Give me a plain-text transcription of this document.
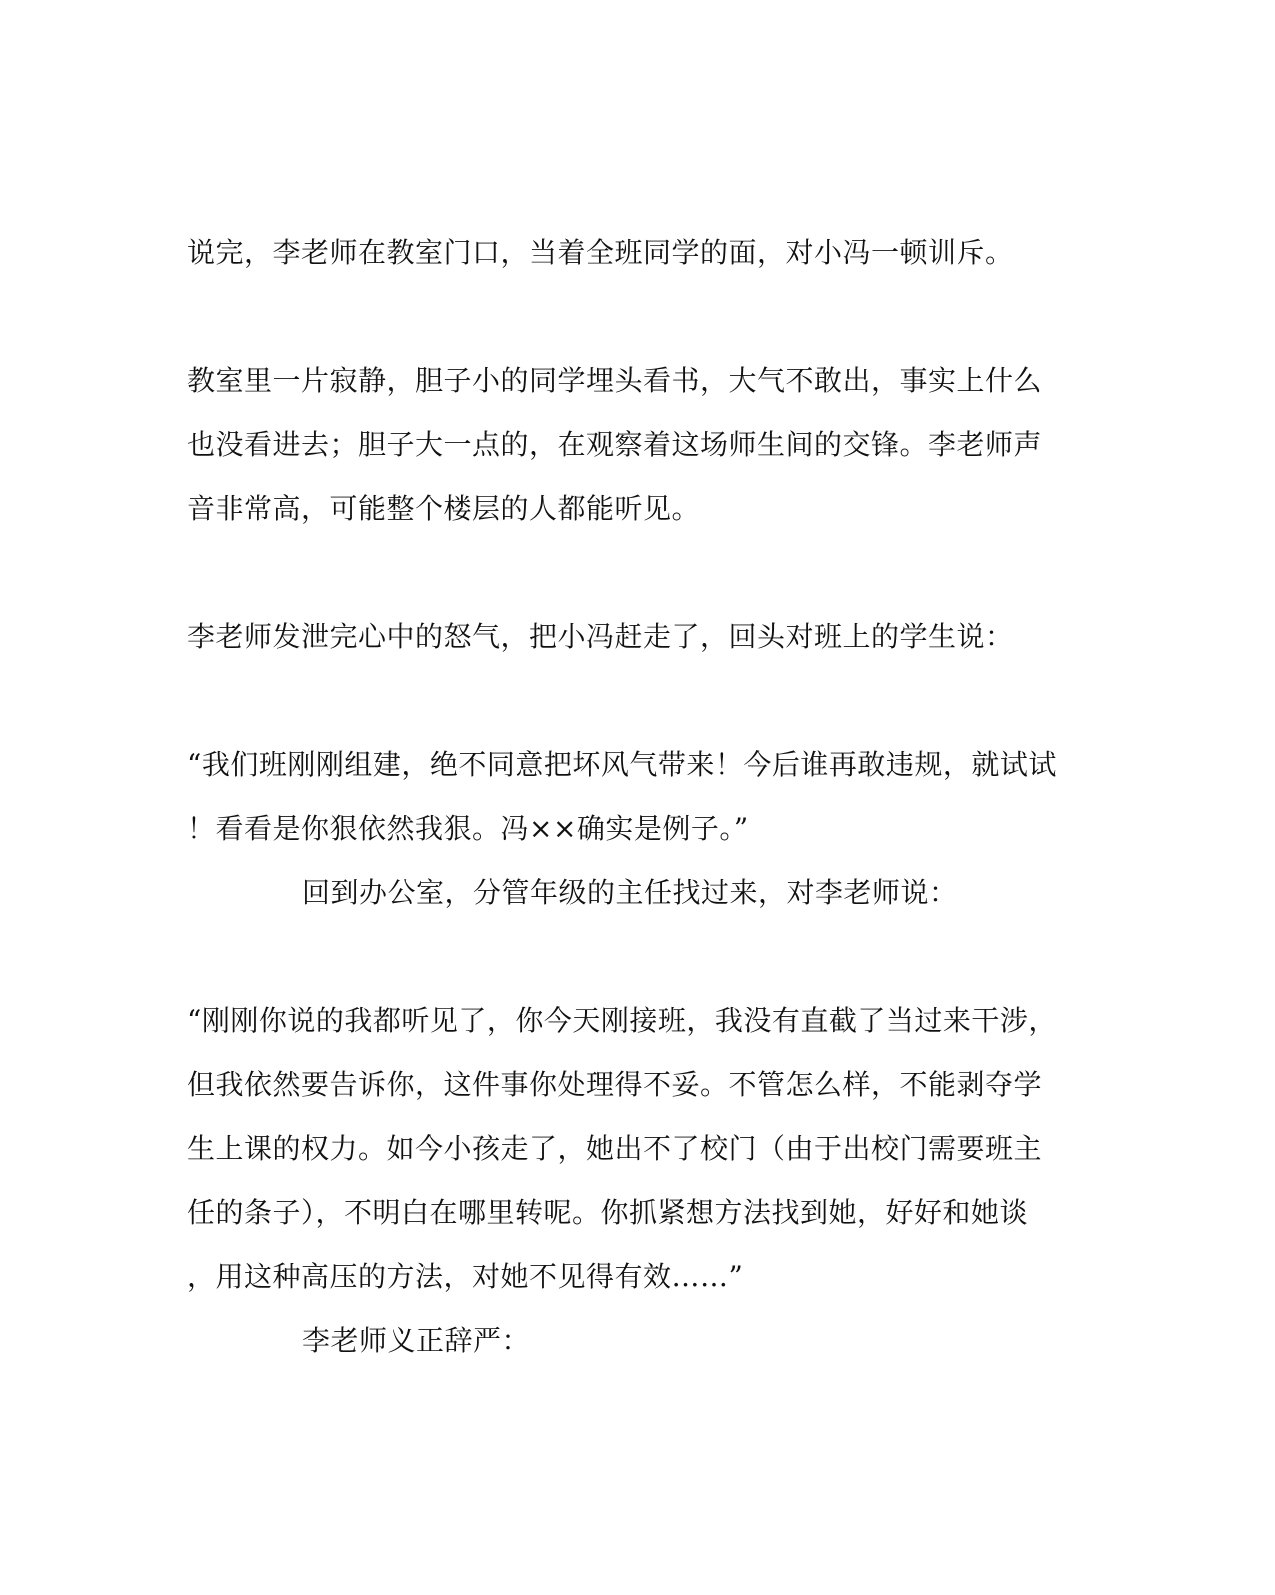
说完，李老师在教室门口，当着全班同学的面，对小冯一顿训斥。
教室里一片寂静，胆子小的同学埋头看书，大气不敢出，事实上什么
也没看进去；胆子大一点的，在观察着这场师生间的交锋。李老师声
音非常高，可能整个楼层的人都能听见。
李老师发泄完心中的怒气，把小冯赶走了，回头对班上的学生说：
“我们班刚刚组建，绝不同意把坏风气带来！今后谁再敢违规，就试试
！看看是你狠依然我狠。冯××确实是例子。”
回到办公室，分管年级的主任找过来，对李老师说：
“刚刚你说的我都听见了，你今天刚接班，我没有直截了当过来干涉，
但我依然要告诉你，这件事你处理得不妥。不管怎么样，不能剥夺学
生上课的权力。如今小孩走了，她出不了校门（由于出校门需要班主
任的条子），不明白在哪里转呢。你抓紧想方法找到她，好好和她谈
，用这种高压的方法，对她不见得有效……”
李老师义正辞严：
